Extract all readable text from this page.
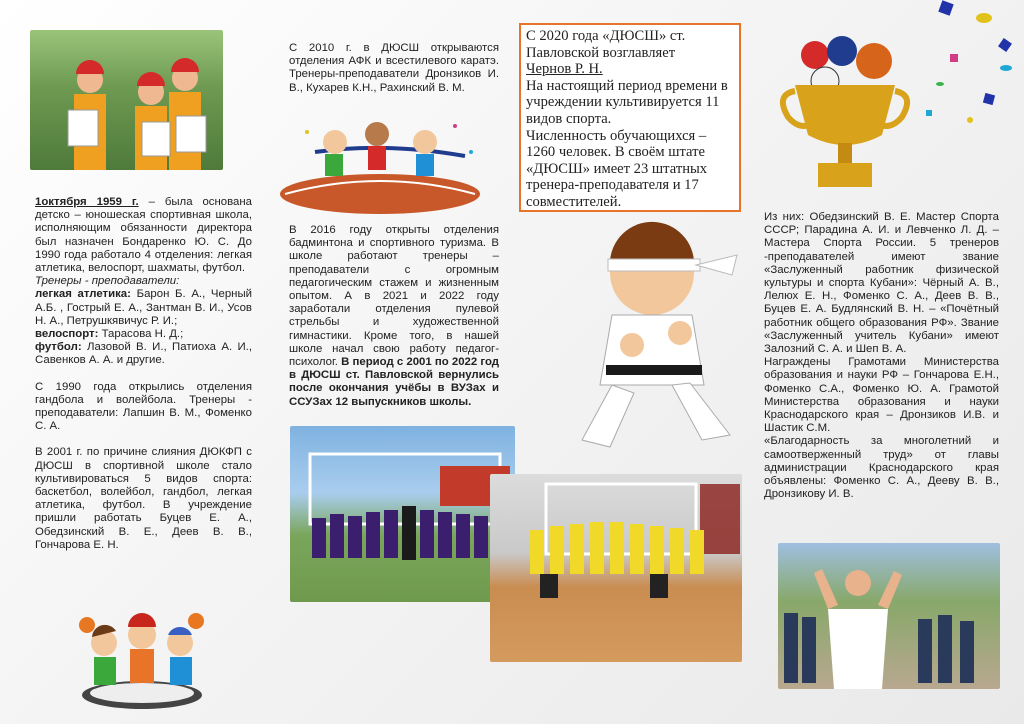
1октября 1959 г. – была основана детско – юношеская спортивная школа, исполняющим обязанности директора был назначен Бондаренко Ю. С. До 1990 года работало 4 отделения: легкая атлетика, велоспорт, шахматы, футбол.

Тренеры - преподаватели:

легкая атлетика: Барон Б. А., Черный А.Б. , Гострый Е. А., Зантман В. И., Усов Н. А., Петрушкявичус Р. И.;

велоспорт: Тарасова Н. Д.;

футбол: Лазовой В. И., Патиоха А. И., Савенков А. А. и другие.

С 1990 года открылись отделения гандбола и волейбола. Тренеры - преподаватели: Лапшин В. М., Фоменко С. А.

В 2001 г. по причине слияния ДЮКФП с ДЮСШ в спортивной школе стало культивироваться 5 видов спорта: баскетбол, волейбол, гандбол, легкая атлетика, футбол. В учреждение пришли работать Буцев Е. А., Обедзинский В. Е., Деев В. В., Гончарова Е. Н.

С 2010 г. в ДЮСШ открываются отделения АФК и всестилевого каратэ. Тренеры-преподаватели Дронзиков И. В., Кухарев К.Н., Рахинский В. М.

В 2016 году открыты отделения бадминтона и спортивного туризма. В школе работают тренеры – преподаватели с огромным педагогическим стажем и жизненным опытом. А в 2021 и 2022 году заработали отделения пулевой стрельбы и художественной гимнастики. Кроме того, в нашей школе начал свою работу педагог-психолог. В период с 2001 по 2022 год в ДЮСШ ст. Павловской вернулись после окончания учёбы в ВУЗах и ССУЗах 12 выпускников школы.

С 2020 года «ДЮСШ» ст. Павловской возглавляет
Чернов Р. Н.

На настоящий период времени в учреждении культивируется 11 видов спорта.

Численность обучающихся – 1260 человек. В своём штате «ДЮСШ» имеет 23 штатных тренера-преподавателя и 17 совместителей.

Из них: Обедзинский В. Е. Мастер Спорта СССР; Парадина А. И. и Левченко Л. Д. – Мастера Спорта России. 5 тренеров -преподавателей имеют звание «Заслуженный работник физической культуры и спорта Кубани»: Чёрный А. В., Лелюх Е. Н., Фоменко С. А., Деев В. В., Буцев Е. А. Будлянский В. Н. – «Почётный работник общего образования РФ». Звание «Заслуженный учитель Кубани» имеют Залозний С. А. и Шеп В. А.

Награждены Грамотами Министерства образования и науки РФ – Гончарова Е.Н., Фоменко С.А., Фоменко Ю. А. Грамотой Министерства образования и науки Краснодарского края – Дронзиков И.В. и Шастик С.М.

«Благодарность за многолетний и самоотверженный труд» от главы администрации Краснодарского края объявлены: Фоменко С. А., Дееву В. В., Дронзикову И. В.
